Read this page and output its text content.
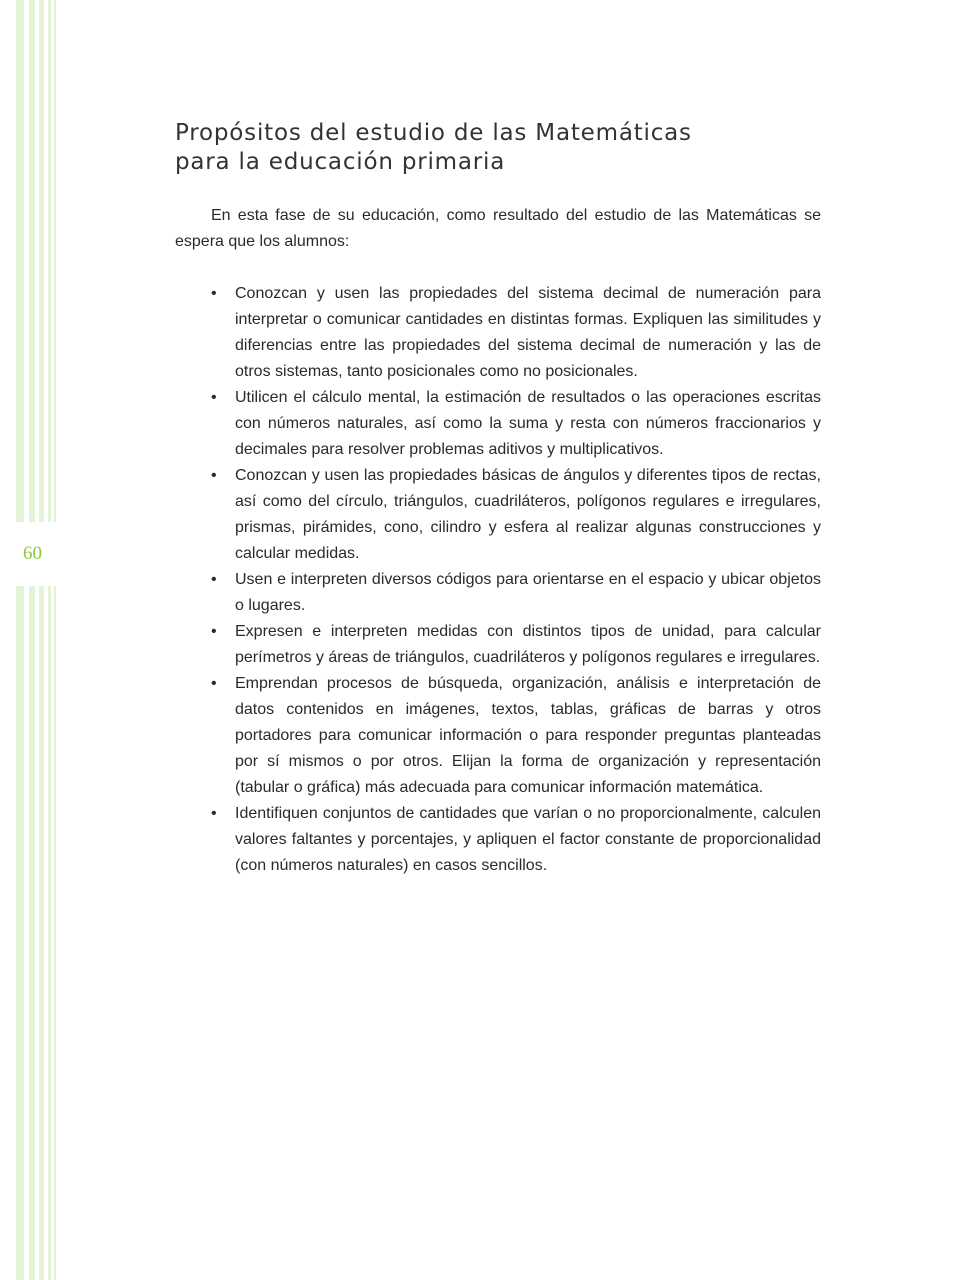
60
Propósitos del estudio de las Matemáticas
para la educación primaria

En esta fase de su educación, como resultado del estudio de las Matemáticas se espera que los alumnos:

• Conozcan y usen las propiedades del sistema decimal de numeración para interpretar o comunicar cantidades en distintas formas. Expliquen las similitudes y diferencias entre las propiedades del sistema decimal de numeración y las de otros sistemas, tanto posicionales como no posicionales.
• Utilicen el cálculo mental, la estimación de resultados o las operaciones escritas con números naturales, así como la suma y resta con números fraccionarios y decimales para resolver problemas aditivos y multiplicativos.
• Conozcan y usen las propiedades básicas de ángulos y diferentes tipos de rectas, así como del círculo, triángulos, cuadriláteros, polígonos regulares e irregulares, prismas, pirámides, cono, cilindro y esfera al realizar algunas construcciones y calcular medidas.
• Usen e interpreten diversos códigos para orientarse en el espacio y ubicar objetos o lugares.
• Expresen e interpreten medidas con distintos tipos de unidad, para calcular perímetros y áreas de triángulos, cuadriláteros y polígonos regulares e irregulares.
• Emprendan procesos de búsqueda, organización, análisis e interpretación de datos contenidos en imágenes, textos, tablas, gráficas de barras y otros portadores para comunicar información o para responder preguntas planteadas por sí mismos o por otros. Elijan la forma de organización y representación (tabular o gráfica) más adecuada para comunicar información matemática.
• Identifiquen conjuntos de cantidades que varían o no proporcionalmente, calculen valores faltantes y porcentajes, y apliquen el factor constante de proporcionalidad (con números naturales) en casos sencillos.
